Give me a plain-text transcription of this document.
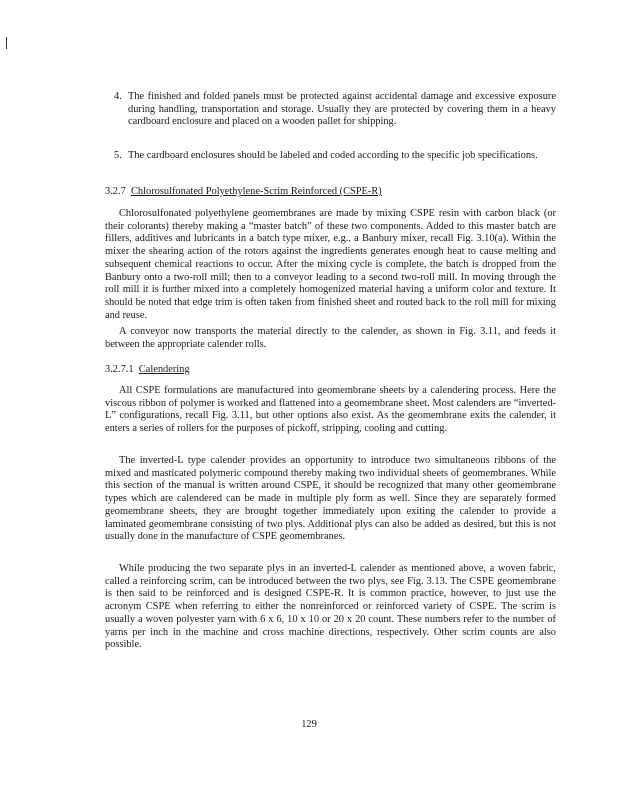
4. The finished and folded panels must be protected against accidental damage and excessive exposure during handling, transportation and storage. Usually they are protected by covering them in a heavy cardboard enclosure and placed on a wooden pallet for shipping.
5. The cardboard enclosures should be labeled and coded according to the specific job specifications.
3.2.7 Chlorosulfonated Polyethylene-Scrim Reinforced (CSPE-R)
Chlorosulfonated polyethylene geomembranes are made by mixing CSPE resin with carbon black (or their colorants) thereby making a “master batch” of these two components. Added to this master batch are fillers, additives and lubricants in a batch type mixer, e.g., a Banbury mixer, recall Fig. 3.10(a). Within the mixer the shearing action of the rotors against the ingredients generates enough heat to cause melting and subsequent chemical reactions to occur. After the mixing cycle is complete, the batch is dropped from the Banbury onto a two-roll mill; then to a conveyor leading to a second two-roll mill. In moving through the roll mill it is further mixed into a completely homogenized material having a uniform color and texture. It should be noted that edge trim is often taken from finished sheet and routed back to the roll mill for mixing and reuse.
A conveyor now transports the material directly to the calender, as shown in Fig. 3.11, and feeds it between the appropriate calender rolls.
3.2.7.1 Calendering
All CSPE formulations are manufactured into geomembrane sheets by a calendering process. Here the viscous ribbon of polymer is worked and flattened into a geomembrane sheet. Most calenders are “inverted-L” configurations, recall Fig. 3.11, but other options also exist. As the geomembrane exits the calender, it enters a series of rollers for the purposes of pickoff, stripping, cooling and cutting.
The inverted-L type calender provides an opportunity to introduce two simultaneous ribbons of the mixed and masticated polymeric compound thereby making two individual sheets of geomembranes. While this section of the manual is written around CSPE, it should be recognized that many other geomembrane types which are calendered can be made in multiple ply form as well. Since they are separately formed geomembrane sheets, they are brought together immediately upon exiting the calender to provide a laminated geomembrane consisting of two plys. Additional plys can also be added as desired, but this is not usually done in the manufacture of CSPE geomembranes.
While producing the two separate plys in an inverted-L calender as mentioned above, a woven fabric, called a reinforcing scrim, can be introduced between the two plys, see Fig. 3.13. The CSPE geomembrane is then said to be reinforced and is designed CSPE-R. It is common practice, however, to just use the acronym CSPE when referring to either the nonreinforced or reinforced variety of CSPE. The scrim is usually a woven polyester yarn with 6 x 6, 10 x 10 or 20 x 20 count. These numbers refer to the number of yarns per inch in the machine and cross machine directions, respectively. Other scrim counts are also possible.
129
